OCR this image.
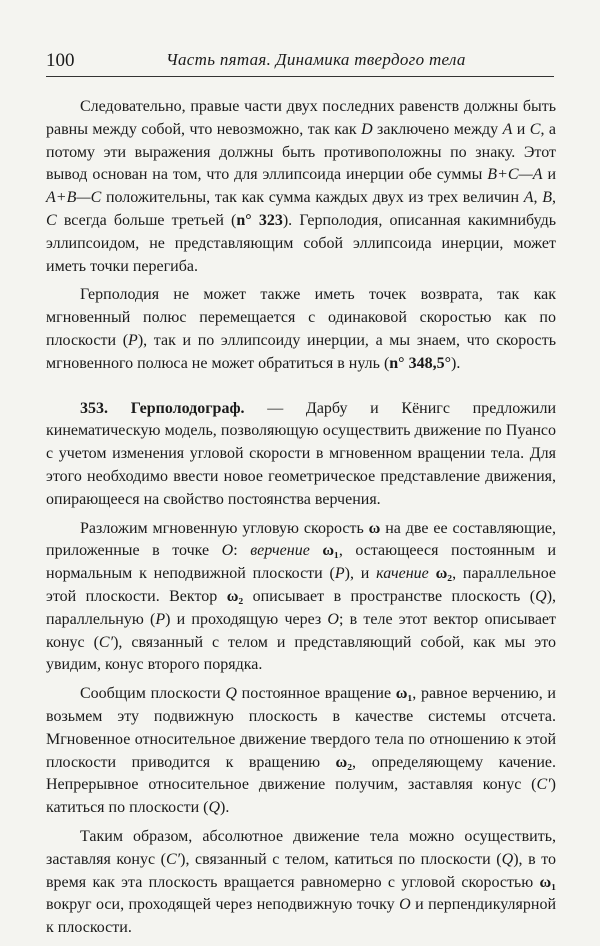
100	Часть пятая. Динамика твердого тела

Следовательно, правые части двух последних равенств должны быть равны между собой, что невозможно, так как D заключено между A и C, а потому эти выражения должны быть противоположны по знаку. Этот вывод основан на том, что для эллипсоида инерции обе суммы B+C—A и A+B—C положительны, так как сумма каждых двух из трех величин A, B, C всегда больше третьей (n° 323). Герполодия, описанная какимнибудь эллипсоидом, не представляющим собой эллипсоида инерции, может иметь точки перегиба.

Герполодия не может также иметь точек возврата, так как мгновенный полюс перемещается с одинаковой скоростью как по плоскости (P), так и по эллипсоиду инерции, а мы знаем, что скорость мгновенного полюса не может обратиться в нуль (n° 348,5°).

353. Герполодограф. — Дарбу и Кёнигс предложили кинематическую модель, позволяющую осуществить движение по Пуансо с учетом изменения угловой скорости в мгновенном вращении тела. Для этого необходимо ввести новое геометрическое представление движения, опирающееся на свойство постоянства верчения.

Разложим мгновенную угловую скорость ω на две ее составляющие, приложенные в точке O: верчение ω₁, остающееся постоянным и нормальным к неподвижной плоскости (P), и качение ω₂, параллельное этой плоскости. Вектор ω₂ описывает в пространстве плоскость (Q), параллельную (P) и проходящую через O; в теле этот вектор описывает конус (C′), связанный с телом и представляющий собой, как мы это увидим, конус второго порядка.

Сообщим плоскости Q постоянное вращение ω₁, равное верчению, и возьмем эту подвижную плоскость в качестве системы отсчета. Мгновенное относительное движение твердого тела по отношению к этой плоскости приводится к вращению ω₂, определяющему качение. Непрерывное относительное движение получим, заставляя конус (C′) катиться по плоскости (Q).

Таким образом, абсолютное движение тела можно осуществить, заставляя конус (C′), связанный с телом, катиться по плоскости (Q), в то время как эта плоскость вращается равномерно с угловой скоростью ω₁ вокруг оси, проходящей через неподвижную точку O и перпендикулярной к плоскости.
